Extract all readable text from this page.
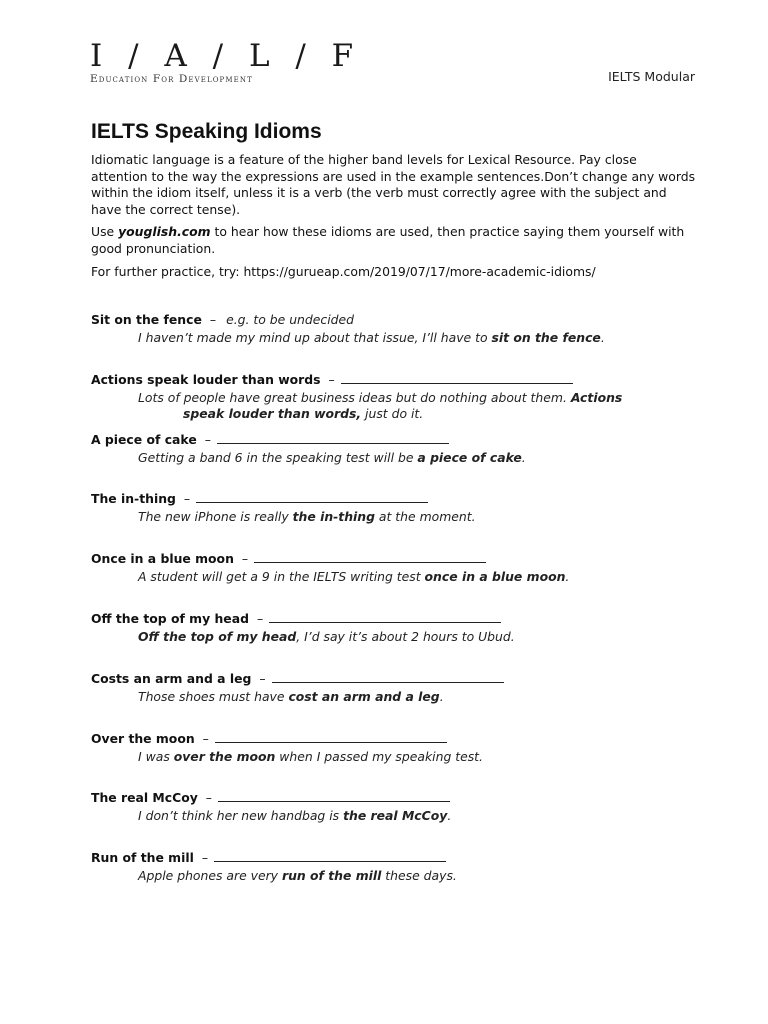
I / A / L / F
Education For Development	IELTS Modular
IELTS Speaking Idioms

Idiomatic language is a feature of the higher band levels for Lexical Resource. Pay close attention to the way the expressions are used in the example sentences.Don’t change any words within the idiom itself, unless it is a verb (the verb must correctly agree with the subject and have the correct tense).

Use youglish.com to hear how these idioms are used, then practice saying them yourself with good pronunciation.

For further practice, try: https://gurueap.com/2019/07/17/more-academic-idioms/

Sit on the fence – e.g. to be undecided
I haven’t made my mind up about that issue, I’ll have to sit on the fence.
Actions speak louder than words –
Lots of people have great business ideas but do nothing about them. Actions
speak louder than words, just do it.
A piece of cake –
Getting a band 6 in the speaking test will be a piece of cake.
The in-thing –
The new iPhone is really the in-thing at the moment.
Once in a blue moon –
A student will get a 9 in the IELTS writing test once in a blue moon.
Off the top of my head –
Off the top of my head, I’d say it’s about 2 hours to Ubud.
Costs an arm and a leg –
Those shoes must have cost an arm and a leg.
Over the moon –
I was over the moon when I passed my speaking test.
The real McCoy –
I don’t think her new handbag is the real McCoy.
Run of the mill –
Apple phones are very run of the mill these days.
